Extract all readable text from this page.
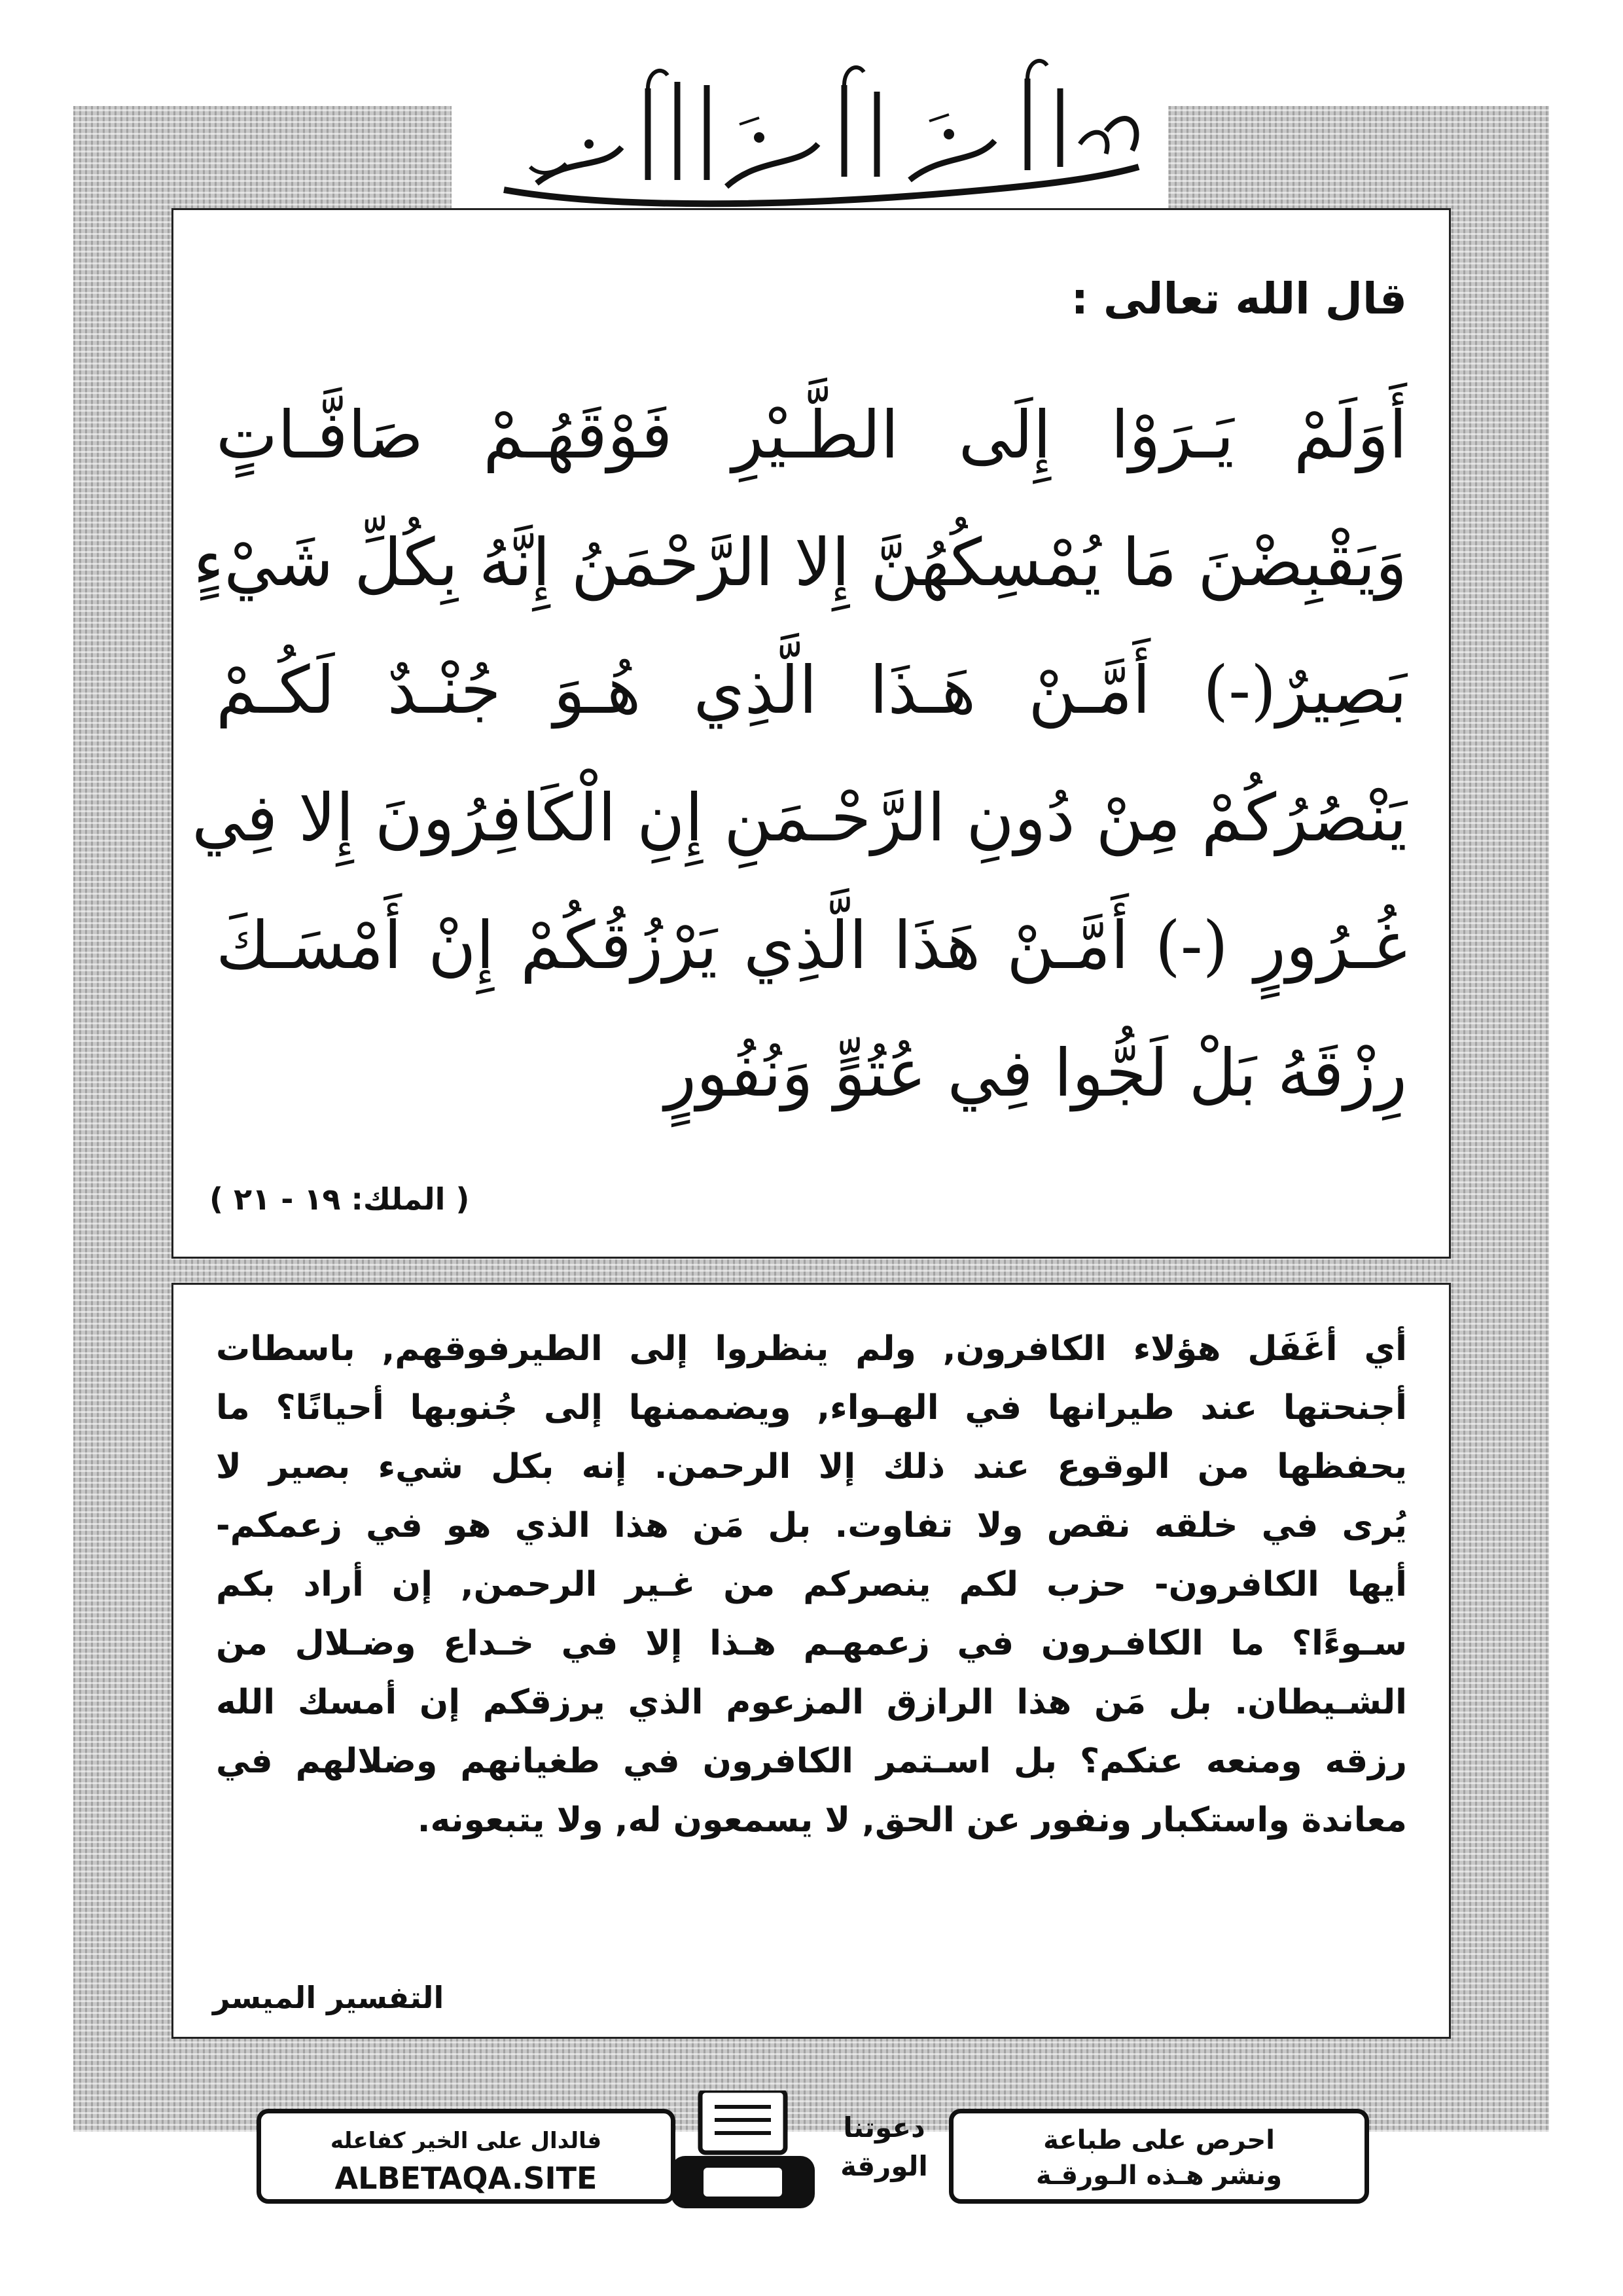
قال الله تعالى :
أَوَلَمْ يَـرَوْا إِلَى الطَّـيْرِ فَوْقَهُـمْ صَافَّـاتٍ
وَيَقْبِضْنَ مَا يُمْسِكُهُنَّ إِلا الرَّحْمَنُ إِنَّهُ بِكُلِّ شَيْءٍ
بَصِيرٌ(-) أَمَّـنْ هَـذَا الَّذِي هُـوَ جُنْـدٌ لَكُـمْ
يَنْصُرُكُمْ مِنْ دُونِ الرَّحْـمَنِ إِنِ الْكَافِرُونَ إِلا فِي
غُـرُورٍ (-) أَمَّـنْ هَذَا الَّذِي يَرْزُقُكُمْ إِنْ أَمْسَـكَ
رِزْقَهُ بَلْ لَجُّوا فِي عُتُوٍّ وَنُفُورٍ
( الملك: ١٩ - ٢١ )
أي أغَفَل هؤلاء الكافرون, ولم ينظروا إلى الطيرفوقهم, باسطات
أجنحتها عند طيرانها في الهـواء, ويضممنها إلى جُنوبها أحيانًا؟ ما
يحفظها من الوقوع عند ذلك إلا الرحمن. إنه بكل شيء بصير لا
يُرى في خلقه نقص ولا تفاوت. بل مَن هذا الذي هو في زعمكم-
أيها الكافرون- حزب لكم ينصركم من غـير الرحمن, إن أراد بكم
سـوءًا؟ ما الكافـرون في زعمهـم هـذا إلا في خـداع وضـلال من
الشـيطان. بل مَن هذا الرازق المزعوم الذي يرزقكم إن أمسك الله
رزقه ومنعه عنكم؟ بل اسـتمر الكافرون في طغيانهم وضلالهم في
معاندة واستكبار ونفور عن الحق, لا يسمعون له, ولا يتبعونه.
التفسير الميسر
فالدال على الخير كفاعله
ALBETAQA.SITE
دعوتنا
الورقة
احرص على طباعة
ونشر هـذه الـورقـة
